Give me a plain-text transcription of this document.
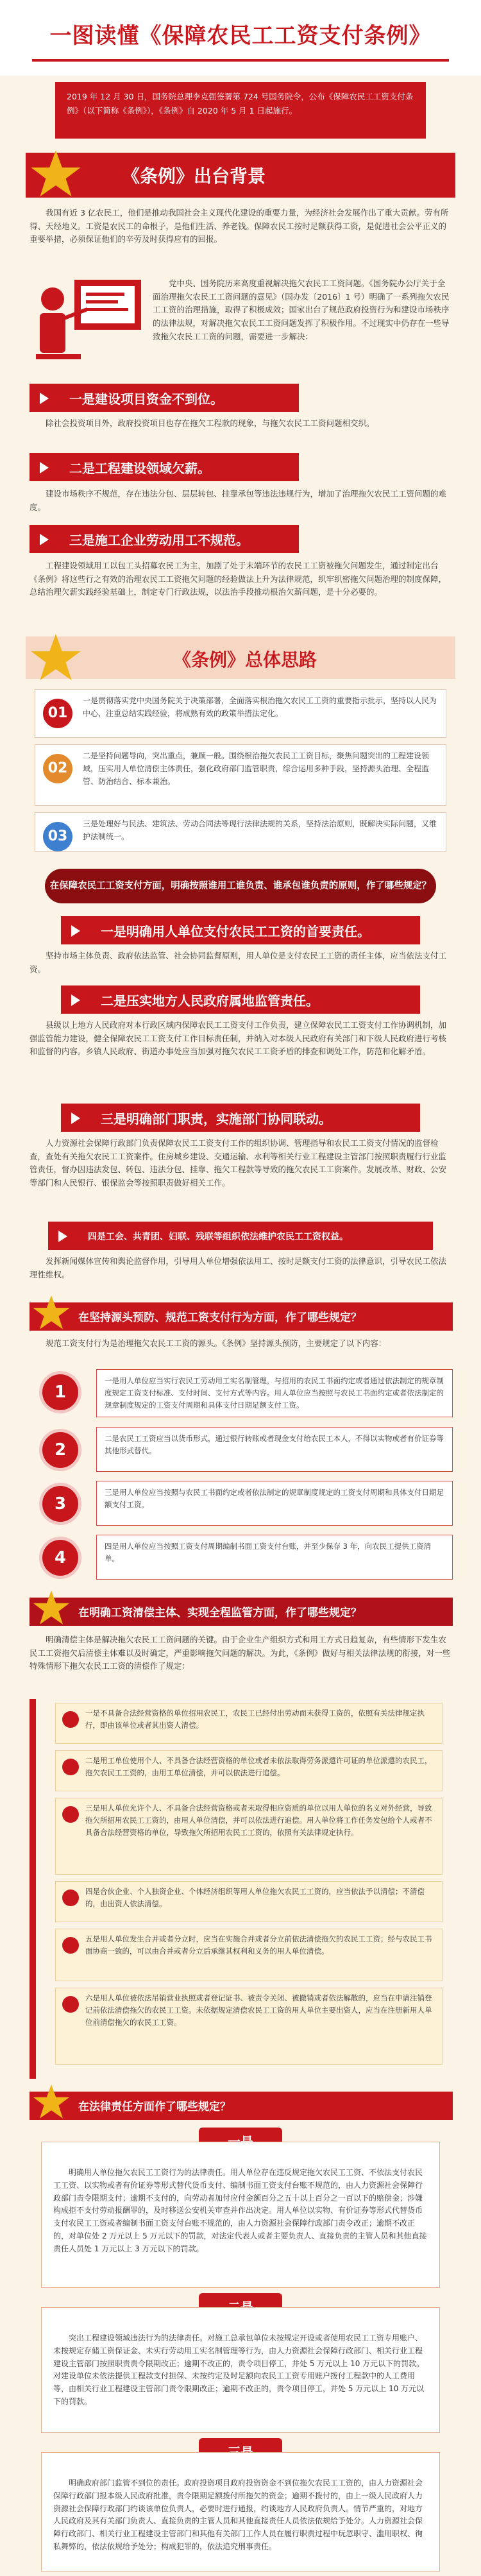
一图读懂《保障农民工工资支付条例》
2019 年 12 月 30 日，国务院总理李克强签署第 724 号国务院令，公布《保障农民工工资支付条例》（以下简称《条例》），《条例》自 2020 年 5 月 1 日起施行。
《条例》出台背景

我国有近 3 亿农民工，他们是推动我国社会主义现代化建设的重要力量，为经济社会发展作出了重大贡献。劳有所得、天经地义。工资是农民工的命根子，是他们生活、养老钱。保障农民工按时足额获得工资，是促进社会公平正义的重要举措，必须保证他们的辛劳及时获得应有的回报。

党中央、国务院历来高度重视解决拖欠农民工工资问题。《国务院办公厅关于全面治理拖欠农民工工资问题的意见》（国办发〔2016〕1 号）明确了一系列拖欠农民工工资的治理措施，取得了积极成效；国家出台了规范政府投资行为和建设市场秩序的法律法规，对解决拖欠农民工工资问题发挥了积极作用。不过现实中仍存在一些导致拖欠农民工工资的问题，需要进一步解决：

一是建设项目资金不到位。

除社会投资项目外，政府投资项目也存在拖欠工程款的现象，与拖欠农民工工资问题相交织。

二是工程建设领域欠薪。

建设市场秩序不规范，存在违法分包、层层转包、挂靠承包等违法违规行为，增加了治理拖欠农民工工资问题的难度。

三是施工企业劳动用工不规范。

工程建设领域用工以包工头招募农民工为主，加剧了处于末端环节的农民工工资被拖欠问题发生，通过制定出台《条例》将这些行之有效的治理农民工工资拖欠问题的经验做法上升为法律规范，织牢织密拖欠问题治理的制度保障，总结治理欠薪实践经验基础上，制定专门行政法规，以法治手段推动根治欠薪问题，是十分必要的。

《条例》总体思路
01
一是贯彻落实党中央国务院关于决策部署，全面落实根治拖欠农民工工资的重要指示批示，坚持以人民为中心，注重总结实践经验，将成熟有效的政策举措法定化。
02
二是坚持问题导向，突出重点，兼顾一般。围绕根治拖欠农民工工资目标，聚焦问题突出的工程建设领域，压实用人单位清偿主体责任，强化政府部门监管职责，综合运用多种手段，坚持源头治理、全程监管、防治结合、标本兼治。
03
三是处理好与民法、建筑法、劳动合同法等现行法律法规的关系，坚持法治原则，既解决实际问题，又维护法制统一。
在保障农民工工资支付方面，明确按照谁用工谁负责、谁承包谁负责的原则，作了哪些规定？
一是明确用人单位支付农民工工资的首要责任。

坚持市场主体负责、政府依法监管、社会协同监督原则，用人单位是支付农民工工资的责任主体，应当依法支付工资。

二是压实地方人民政府属地监管责任。

县级以上地方人民政府对本行政区域内保障农民工工资支付工作负责，建立保障农民工工资支付工作协调机制，加强监管能力建设，健全保障农民工工资支付工作目标责任制，并纳入对本级人民政府有关部门和下级人民政府进行考核和监督的内容。乡镇人民政府、街道办事处应当加强对拖欠农民工工资矛盾的排查和调处工作，防范和化解矛盾。

三是明确部门职责，实施部门协同联动。

人力资源社会保障行政部门负责保障农民工工资支付工作的组织协调、管理指导和农民工工资支付情况的监督检查，查处有关拖欠农民工工资案件。住房城乡建设、交通运输、水利等相关行业工程建设主管部门按照职责履行行业监管责任，督办因违法发包、转包、违法分包、挂靠、拖欠工程款等导致的拖欠农民工工资案件。发展改革、财政、公安等部门和人民银行、银保监会等按照职责做好相关工作。

四是工会、共青团、妇联、残联等组织依法维护农民工工资权益。

发挥新闻媒体宣传和舆论监督作用，引导用人单位增强依法用工、按时足额支付工资的法律意识，引导农民工依法理性维权。

在坚持源头预防、规范工资支付行为方面，作了哪些规定？

规范工资支付行为是治理拖欠农民工工资的源头。《条例》坚持源头预防，主要规定了以下内容：

1
一是用人单位应当实行农民工劳动用工实名制管理，与招用的农民工书面约定或者通过依法制定的规章制度规定工资支付标准、支付时间、支付方式等内容。用人单位应当按照与农民工书面约定或者依法制定的规章制度规定的工资支付周期和具体支付日期足额支付工资。
2
二是农民工工资应当以货币形式，通过银行转账或者现金支付给农民工本人，不得以实物或者有价证券等其他形式替代。
3
三是用人单位应当按照与农民工书面约定或者依法制定的规章制度规定的工资支付周期和具体支付日期足额支付工资。
4
四是用人单位应当按照工资支付周期编制书面工资支付台账，并至少保存 3 年，向农民工提供工资清单。
在明确工资清偿主体、实现全程监管方面，作了哪些规定？

明确清偿主体是解决拖欠农民工工资问题的关键。由于企业生产组织方式和用工方式日趋复杂，有些情形下发生农民工工资拖欠后清偿主体难以及时确定，严重影响拖欠问题的解决。为此，《条例》做好与相关法律法规的衔接，对一些特殊情形下拖欠农民工工资的清偿作了规定：

一是不具备合法经营资格的单位招用农民工，农民工已经付出劳动而未获得工资的，依照有关法律规定执行，即由该单位或者其出资人清偿。
二是用工单位使用个人、不具备合法经营资格的单位或者未依法取得劳务派遣许可证的单位派遣的农民工，拖欠农民工工资的，由用工单位清偿，并可以依法进行追偿。
三是用人单位允许个人、不具备合法经营资格或者未取得相应资质的单位以用人单位的名义对外经营，导致拖欠所招用农民工工资的，由用人单位清偿，并可以依法进行追偿。用人单位将工作任务发包给个人或者不具备合法经营资格的单位，导致拖欠所招用农民工工资的，依照有关法律规定执行。
四是合伙企业、个人独资企业、个体经济组织等用人单位拖欠农民工工资的，应当依法予以清偿；不清偿的，由出资人依法清偿。
五是用人单位发生合并或者分立时，应当在实施合并或者分立前依法清偿拖欠的农民工工资；经与农民工书面协商一致的，可以由合并或者分立后承继其权利和义务的用人单位清偿。
六是用人单位被依法吊销营业执照或者登记证书、被责令关闭、被撤销或者依法解散的，应当在申请注销登记前依法清偿拖欠的农民工工资。未依据规定清偿农民工工资的用人单位主要出资人，应当在注册新用人单位前清偿拖欠的农民工工资。
在法律责任方面作了哪些规定？

明确用人单位拖欠农民工工资行为的法律责任。用人单位存在违反规定拖欠农民工工资、不依法支付农民工工资、以实物或者有价证券等形式替代货币支付、编制书面工资支付台账不规范的，由人力资源社会保障行政部门责令限期支付；逾期不支付的，向劳动者加付应付金额百分之五十以上百分之一百以下的赔偿金；涉嫌构成拒不支付劳动报酬罪的，及时移送公安机关审查并作出决定。用人单位以实物、有价证券等形式代替货币支付农民工工资或者编制书面工资支付台账不规范的，由人力资源社会保障行政部门责令改正；逾期不改正的，对单位处 2 万元以上 5 万元以下的罚款，对法定代表人或者主要负责人、直接负责的主管人员和其他直接责任人员处 1 万元以上 3 万元以下的罚款。

突出工程建设领域违法行为的法律责任。对施工总承包单位未按规定开设或者使用农民工工资专用账户、未按规定存储工资保证金、未实行劳动用工实名制管理等行为，由人力资源社会保障行政部门、相关行业工程建设主管部门按照职责责令限期改正；逾期不改正的，责令项目停工，并处 5 万元以上 10 万元以下的罚款。对建设单位未依法提供工程款支付担保、未按约定及时足额向农民工工资专用账户拨付工程款中的人工费用等，由相关行业工程建设主管部门责令限期改正；逾期不改正的，责令项目停工，并处 5 万元以上 10 万元以下的罚款。

明确政府部门监管不到位的责任。政府投资项目政府投资资金不到位拖欠农民工工资的，由人力资源社会保障行政部门报本级人民政府批准，责令限期足额拨付所拖欠的资金；逾期不拨付的，由上一级人民政府人力资源社会保障行政部门约谈该单位负责人，必要时进行通报，约谈地方人民政府负责人。情节严重的，对地方人民政府及其有关部门负责人、直接负责的主管人员和其他直接责任人员依法依规给予处分。人力资源社会保障行政部门、相关行业工程建设主管部门和其他有关部门工作人员在履行职责过程中玩忽职守、滥用职权、徇私舞弊的，依法依规给予处分；构成犯罪的，依法追究刑事责任。
